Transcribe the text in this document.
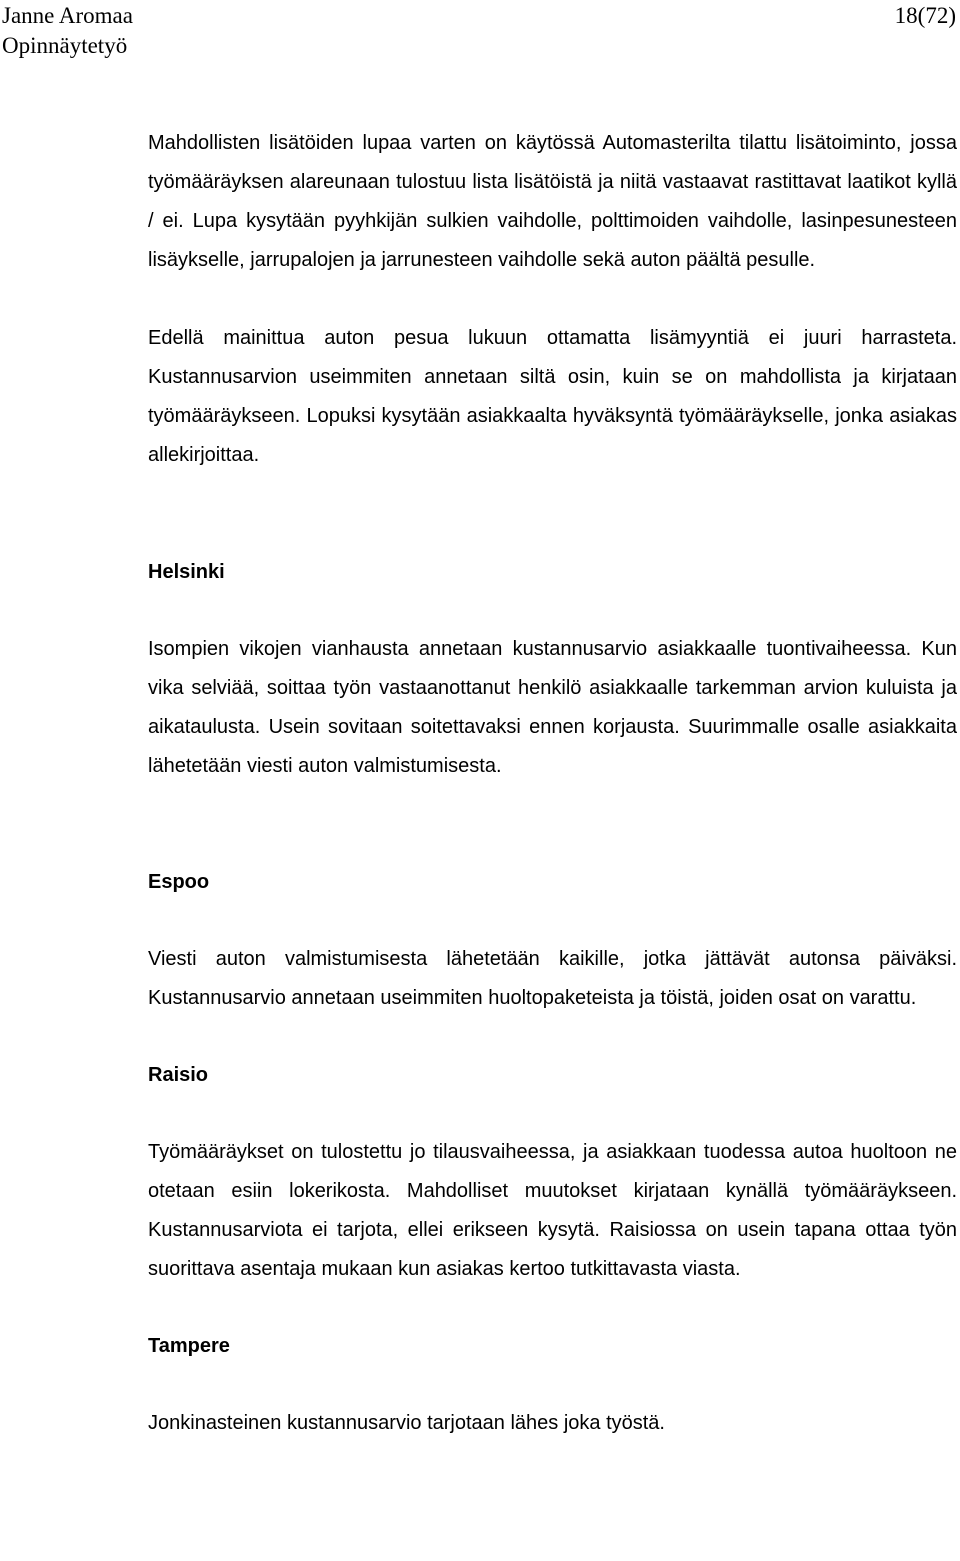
Janne Aromaa
Opinnäytetyö
18(72)

Mahdollisten lisätöiden lupaa varten on käytössä Automasterilta tilattu lisätoiminto, jossa työmääräyksen alareunaan tulostuu lista lisätöistä ja niitä vastaavat rastittavat laatikot kyllä / ei. Lupa kysytään pyyhkijän sulkien vaihdolle, polttimoiden vaihdolle, lasinpesunesteen lisäykselle, jarrupalojen ja jarrunesteen vaihdolle sekä auton päältä pesulle.

Edellä mainittua auton pesua lukuun ottamatta lisämyyntiä ei juuri harrasteta. Kustannusarvion useimmiten annetaan siltä osin, kuin se on mahdollista ja kirjataan työmääräykseen. Lopuksi kysytään asiakkaalta hyväksyntä työmääräykselle, jonka asiakas allekirjoittaa.

Helsinki

Isompien vikojen vianhausta annetaan kustannusarvio asiakkaalle tuontivaiheessa. Kun vika selviää, soittaa työn vastaanottanut henkilö asiakkaalle tarkemman arvion kuluista ja aikataulusta. Usein sovitaan soitettavaksi ennen korjausta. Suurimmalle osalle asiakkaita lähetetään viesti auton valmistumisesta.

Espoo

Viesti auton valmistumisesta lähetetään kaikille, jotka jättävät autonsa päiväksi. Kustannusarvio annetaan useimmiten huoltopaketeista ja töistä, joiden osat on varattu.

Raisio

Työmääräykset on tulostettu jo tilausvaiheessa, ja asiakkaan tuodessa autoa huoltoon ne otetaan esiin lokerikosta. Mahdolliset muutokset kirjataan kynällä työmääräykseen. Kustannusarviota ei tarjota, ellei erikseen kysytä. Raisiossa on usein tapana ottaa työn suorittava asentaja mukaan kun asiakas kertoo tutkittavasta viasta.

Tampere

Jonkinasteinen kustannusarvio tarjotaan lähes joka työstä.
